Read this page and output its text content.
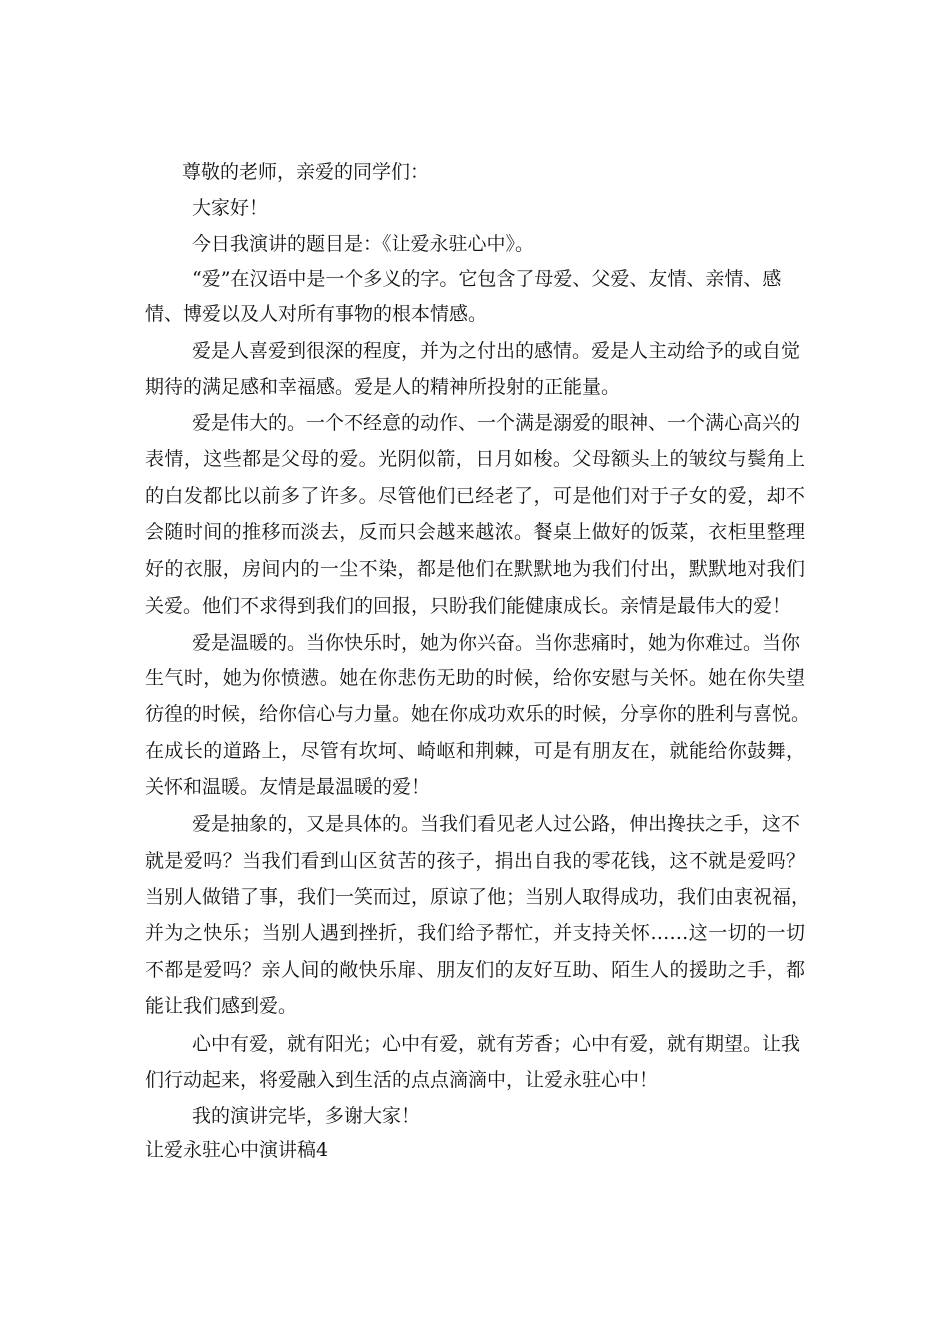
尊敬的老师，亲爱的同学们：
大家好！
今日我演讲的题目是：《让爱永驻心中》。
“爱”在汉语中是一个多义的字。它包含了母爱、父爱、友情、亲情、感
情、博爱以及人对所有事物的根本情感。
爱是人喜爱到很深的程度，并为之付出的感情。爱是人主动给予的或自觉
期待的满足感和幸福感。爱是人的精神所投射的正能量。
爱是伟大的。一个不经意的动作、一个满是溺爱的眼神、一个满心高兴的
表情，这些都是父母的爱。光阴似箭，日月如梭。父母额头上的皱纹与鬓角上
的白发都比以前多了许多。尽管他们已经老了，可是他们对于子女的爱，却不
会随时间的推移而淡去，反而只会越来越浓。餐桌上做好的饭菜，衣柜里整理
好的衣服，房间内的一尘不染，都是他们在默默地为我们付出，默默地对我们
关爱。他们不求得到我们的回报，只盼我们能健康成长。亲情是最伟大的爱！
爱是温暖的。当你快乐时，她为你兴奋。当你悲痛时，她为你难过。当你
生气时，她为你愤懑。她在你悲伤无助的时候，给你安慰与关怀。她在你失望
彷徨的时候，给你信心与力量。她在你成功欢乐的时候，分享你的胜利与喜悦。
在成长的道路上，尽管有坎坷、崎岖和荆棘，可是有朋友在，就能给你鼓舞，
关怀和温暖。友情是最温暖的爱！
爱是抽象的，又是具体的。当我们看见老人过公路，伸出搀扶之手，这不
就是爱吗？当我们看到山区贫苦的孩子，捐出自我的零花钱，这不就是爱吗？
当别人做错了事，我们一笑而过，原谅了他；当别人取得成功，我们由衷祝福，
并为之快乐；当别人遇到挫折，我们给予帮忙，并支持关怀……这一切的一切
不都是爱吗？亲人间的敞快乐扉、朋友们的友好互助、陌生人的援助之手，都
能让我们感到爱。
心中有爱，就有阳光；心中有爱，就有芳香；心中有爱，就有期望。让我
们行动起来，将爱融入到生活的点点滴滴中，让爱永驻心中！
我的演讲完毕，多谢大家！
让爱永驻心中演讲稿4
